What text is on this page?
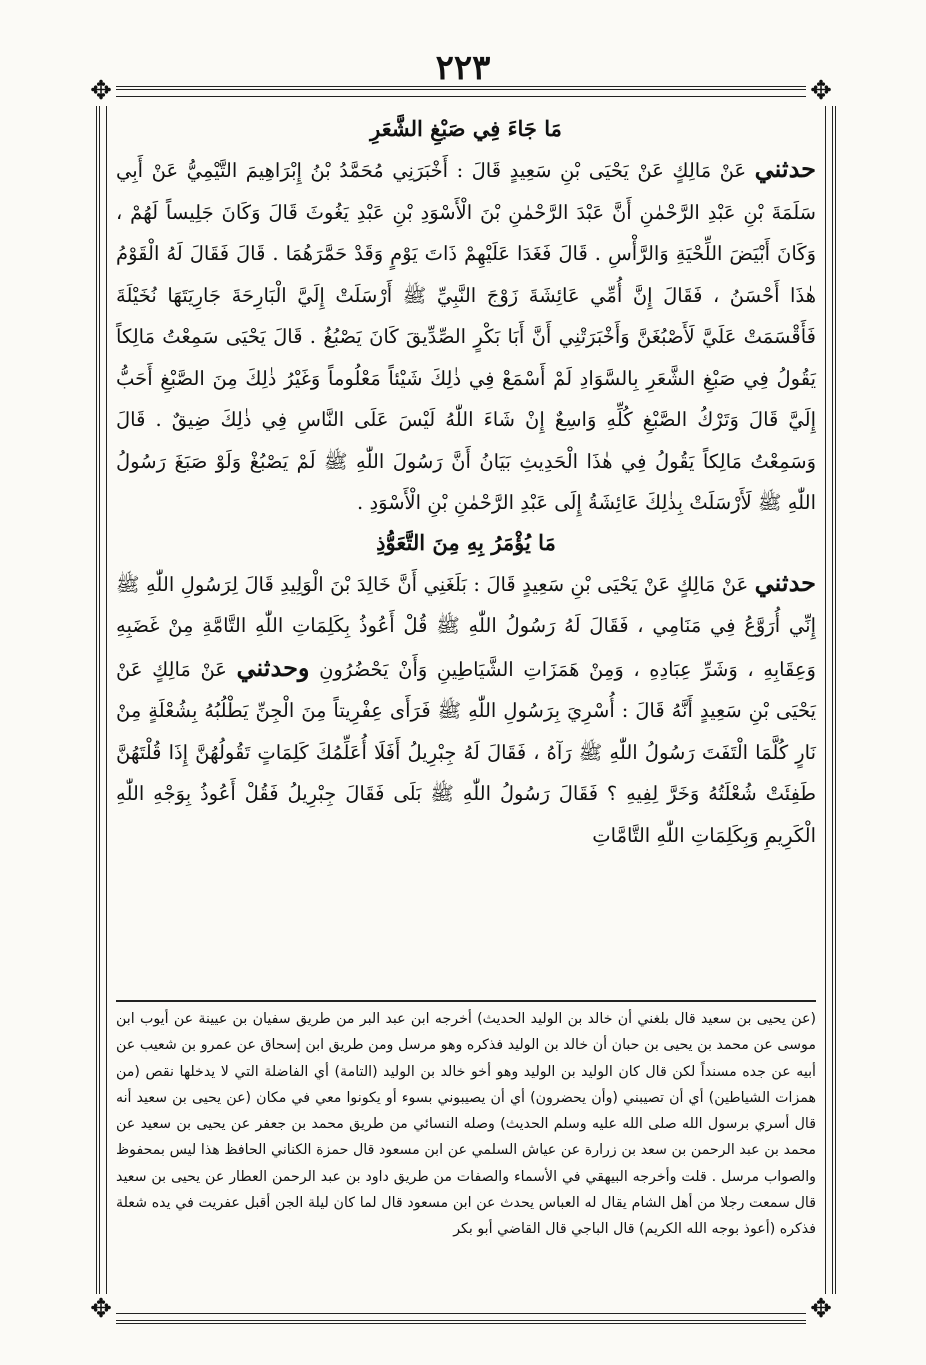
٢٢٣
✥	✥
✥	✥
مَا جَاءَ فِي صَبْغِ الشَّعَرِ

حدثني عَنْ مَالِكٍ عَنْ يَحْيَى بْنِ سَعِيدٍ قَالَ : أَخْبَرَنِي مُحَمَّدُ بْنُ إِبْرَاهِيمَ التَّيْمِيُّ عَنْ أَبِي سَلَمَةَ بْنِ عَبْدِ الرَّحْمٰنِ أَنَّ عَبْدَ الرَّحْمٰنِ بْنَ الْأَسْوَدِ بْنِ عَبْدِ يَغُوثَ قَالَ وَكَانَ جَلِيساً لَهُمْ ، وَكَانَ أَبْيَضَ اللِّحْيَةِ وَالرَّأْسِ . قَالَ فَغَدَا عَلَيْهِمْ ذَاتَ يَوْمٍ وَقَدْ حَمَّرَهُمَا . قَالَ فَقَالَ لَهُ الْقَوْمُ هٰذَا أَحْسَنُ ، فَقَالَ إِنَّ أُمِّي عَائِشَةَ زَوْجَ النَّبِيِّ ﷺ أَرْسَلَتْ إِلَيَّ الْبَارِحَةَ جَارِيَتَهَا نُخَيْلَةَ فَأَقْسَمَتْ عَلَيَّ لَأَصْبُغَنَّ وَأَخْبَرَتْنِي أَنَّ أَبَا بَكْرٍ الصِّدِّيقَ كَانَ يَصْبُغُ . قَالَ يَحْيَى سَمِعْتُ مَالِكاً يَقُولُ فِي صَبْغِ الشَّعَرِ بِالسَّوَادِ لَمْ أَسْمَعْ فِي ذٰلِكَ شَيْئاً مَعْلُوماً وَغَيْرُ ذٰلِكَ مِنَ الصَّبْغِ أَحَبُّ إِلَيَّ قَالَ وَتَرْكُ الصَّبْغِ كُلِّهِ وَاسِعٌ إِنْ شَاءَ اللّٰهُ لَيْسَ عَلَى النَّاسِ فِي ذٰلِكَ ضِيقٌ . قَالَ وَسَمِعْتُ مَالِكاً يَقُولُ فِي هٰذَا الْحَدِيثِ بَيَانُ أَنَّ رَسُولَ اللّٰهِ ﷺ لَمْ يَصْبُغْ وَلَوْ صَبَغَ رَسُولُ اللّٰهِ ﷺ لَأَرْسَلَتْ بِذٰلِكَ عَائِشَةُ إِلَى عَبْدِ الرَّحْمٰنِ بْنِ الْأَسْوَدِ .

مَا يُؤْمَرُ بِهِ مِنَ التَّعَوُّذِ

حدثني عَنْ مَالِكٍ عَنْ يَحْيَى بْنِ سَعِيدٍ قَالَ : بَلَغَنِي أَنَّ خَالِدَ بْنَ الْوَلِيدِ قَالَ لِرَسُولِ اللّٰهِ ﷺ إِنِّي أُرَوَّعُ فِي مَنَامِي ، فَقَالَ لَهُ رَسُولُ اللّٰهِ ﷺ قُلْ أَعُوذُ بِكَلِمَاتِ اللّٰهِ التَّامَّةِ مِنْ غَضَبِهِ وَعِقَابِهِ ، وَشَرِّ عِبَادِهِ ، وَمِنْ هَمَزَاتِ الشَّيَاطِينِ وَأَنْ يَحْضُرُونِ وحدثني عَنْ مَالِكٍ عَنْ يَحْيَى بْنِ سَعِيدٍ أَنَّهُ قَالَ : أُسْرِيَ بِرَسُولِ اللّٰهِ ﷺ فَرَأَى عِفْرِيتاً مِنَ الْجِنِّ يَطْلُبُهُ بِشُعْلَةٍ مِنْ نَارٍ كُلَّمَا الْتَفَتَ رَسُولُ اللّٰهِ ﷺ رَآهُ ، فَقَالَ لَهُ جِبْرِيلُ أَفَلَا أُعَلِّمُكَ كَلِمَاتٍ تَقُولُهُنَّ إِذَا قُلْتَهُنَّ طَفِئَتْ شُعْلَتُهُ وَخَرَّ لِفِيهِ ؟ فَقَالَ رَسُولُ اللّٰهِ ﷺ بَلَى فَقَالَ جِبْرِيلُ فَقُلْ أَعُوذُ بِوَجْهِ اللّٰهِ الْكَرِيمِ وَبِكَلِمَاتِ اللّٰهِ التَّامَّاتِ

(عن يحيى بن سعيد قال بلغني أن خالد بن الوليد الحديث) أخرجه ابن عبد البر من طريق سفيان بن عيينة عن أيوب ابن موسى عن محمد بن يحيى بن حبان أن خالد بن الوليد فذكره وهو مرسل ومن طريق ابن إسحاق عن عمرو بن شعيب عن أبيه عن جده مسنداً لكن قال كان الوليد بن الوليد وهو أخو خالد بن الوليد (التامة) أي الفاضلة التي لا يدخلها نقص (من همزات الشياطين) أي أن تصيبني (وأن يحضرون) أي أن يصيبوني بسوء أو يكونوا معي في مكان (عن يحيى بن سعيد أنه قال أسري برسول الله صلى الله عليه وسلم الحديث) وصله النسائي من طريق محمد بن جعفر عن يحيى بن سعيد عن محمد بن عبد الرحمن بن سعد بن زرارة عن عياش السلمي عن ابن مسعود قال حمزة الكناني الحافظ هذا ليس بمحفوظ والصواب مرسل . قلت وأخرجه البيهقي في الأسماء والصفات من طريق داود بن عبد الرحمن العطار عن يحيى بن سعيد قال سمعت رجلا من أهل الشام يقال له العباس يحدث عن ابن مسعود قال لما كان ليلة الجن أقبل عفريت في يده شعلة فذكره (أعوذ بوجه الله الكريم) قال الباجي قال القاضي أبو بكر
